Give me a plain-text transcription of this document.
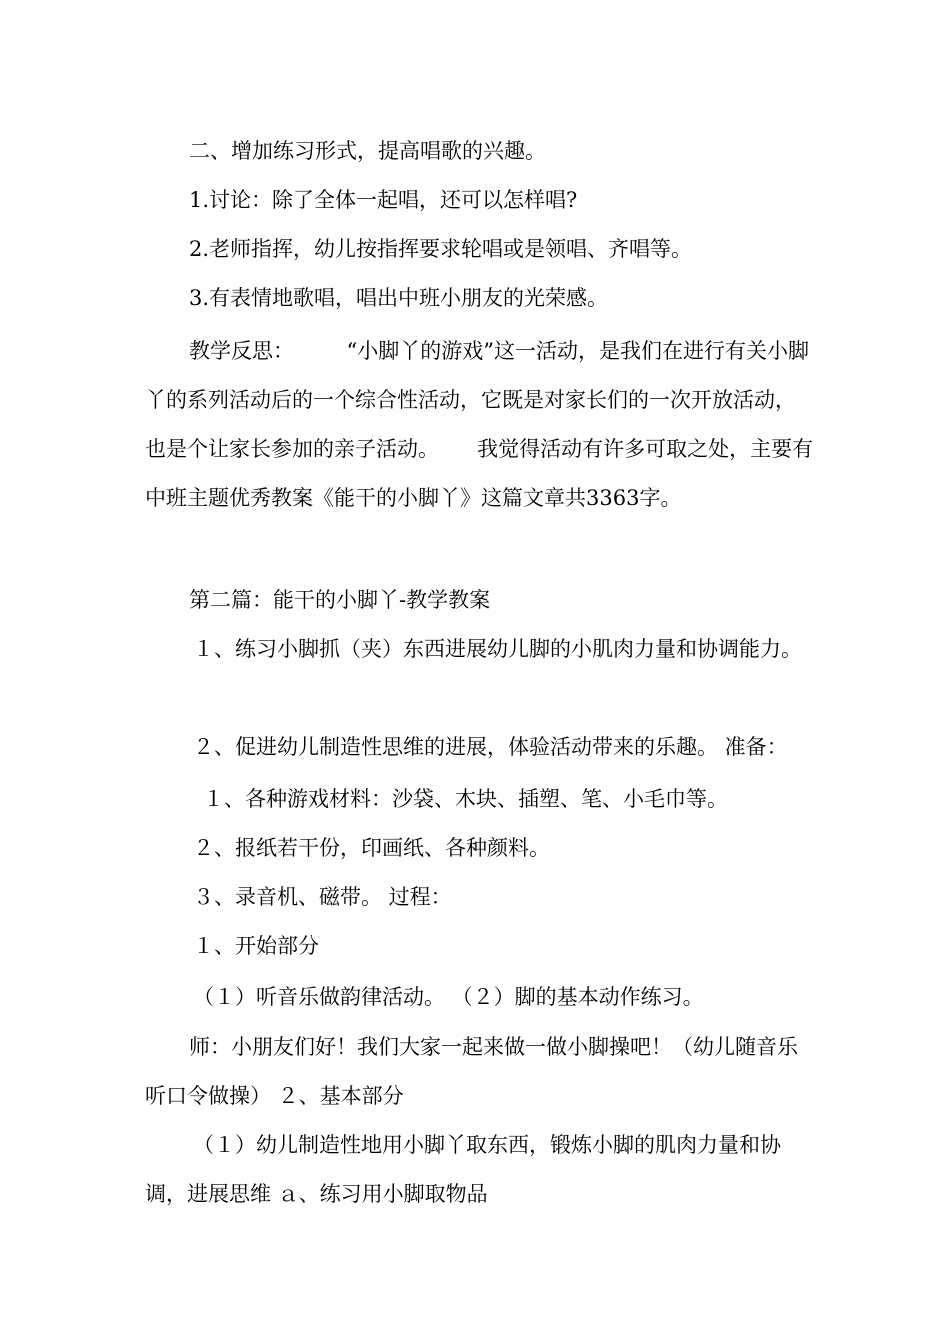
二、增加练习形式，提高唱歌的兴趣。

1.讨论：除了全体一起唱，还可以怎样唱?

2.老师指挥，幼儿按指挥要求轮唱或是领唱、齐唱等。

3.有表情地歌唱，唱出中班小朋友的光荣感。

教学反思：　　　“小脚丫的游戏”这一活动，是我们在进行有关小脚丫的系列活动后的一个综合性活动，它既是对家长们的一次开放活动，也是个让家长参加的亲子活动。　　 我觉得活动有许多可取之处，主要有中班主题优秀教案《能干的小脚丫》这篇文章共3363字。

第二篇：能干的小脚丫-教学教案

１、练习小脚抓（夹）东西进展幼儿脚的小肌肉力量和协调能力。

２、促进幼儿制造性思维的进展，体验活动带来的乐趣。 准备：

１、各种游戏材料：沙袋、木块、插塑、笔、小毛巾等。

２、报纸若干份，印画纸、各种颜料。

３、录音机、磁带。 过程：

１、开始部分

（１）听音乐做韵律活动。 （２）脚的基本动作练习。

师：小朋友们好！我们大家一起来做一做小脚操吧！（幼儿随音乐听口令做操） ２、基本部分

（１）幼儿制造性地用小脚丫取东西，锻炼小脚的肌肉力量和协调，进展思维 ａ、练习用小脚取物品
